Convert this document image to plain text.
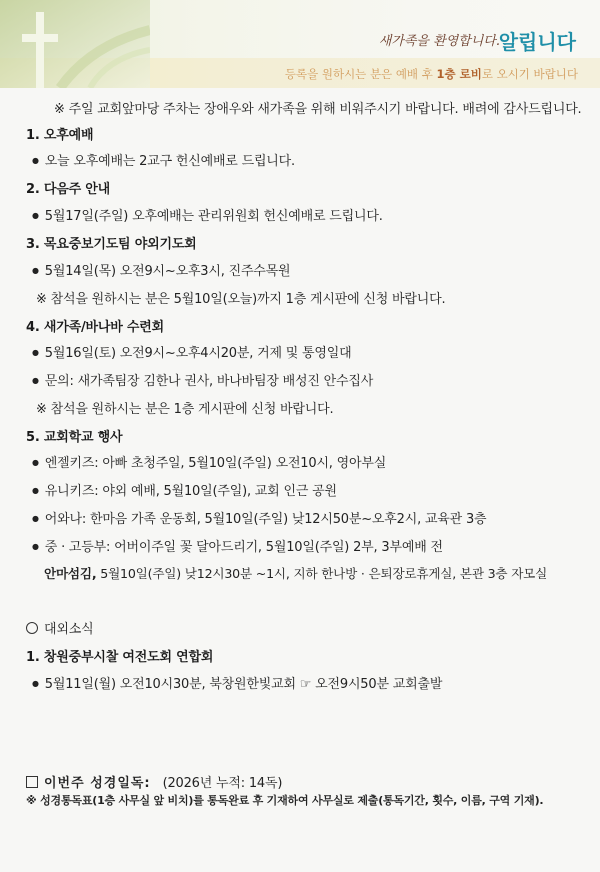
새가족을 환영합니다.
알립니다
등록을 원하시는 분은 예배 후 1층 로비로 오시기 바랍니다
※ 주일 교회앞마당 주차는 장애우와 새가족을 위해 비워주시기 바랍니다. 배려에 감사드립니다.
1. 오후예배
● 오늘 오후예배는 2교구 헌신예배로 드립니다.
2. 다음주 안내
● 5월17일(주일) 오후예배는 관리위원회 헌신예배로 드립니다.
3. 목요중보기도팀 야외기도회
● 5월14일(목) 오전9시~오후3시, 진주수목원
※ 참석을 원하시는 분은 5월10일(오늘)까지 1층 게시판에 신청 바랍니다.
4. 새가족/바나바 수련회
● 5월16일(토) 오전9시~오후4시20분, 거제 및 통영일대
● 문의: 새가족팀장 김한나 권사, 바나바팀장 배성진 안수집사
※ 참석을 원하시는 분은 1층 게시판에 신청 바랍니다.
5. 교회학교 행사
● 엔젤키즈: 아빠 초청주일, 5월10일(주일) 오전10시, 영아부실
● 유니키즈: 야외 예배, 5월10일(주일), 교회 인근 공원
● 어와나: 한마음 가족 운동회, 5월10일(주일) 낮12시50분~오후2시, 교육관 3층
● 중 · 고등부: 어버이주일 꽃 달아드리기, 5월10일(주일) 2부, 3부예배 전
안마섬김, 5월10일(주일) 낮12시30분 ~1시, 지하 한나방 · 은퇴장로휴게실, 본관 3층 자모실
대외소식
1. 창원중부시찰 여전도회 연합회
● 5월11일(월) 오전10시30분, 북창원한빛교회 ☞ 오전9시50분 교회출발
이번주 성경일독: (2026년 누적: 14독)
※ 성경통독표(1층 사무실 앞 비치)를 통독완료 후 기재하여 사무실로 제출(통독기간, 횟수, 이름, 구역 기재).
